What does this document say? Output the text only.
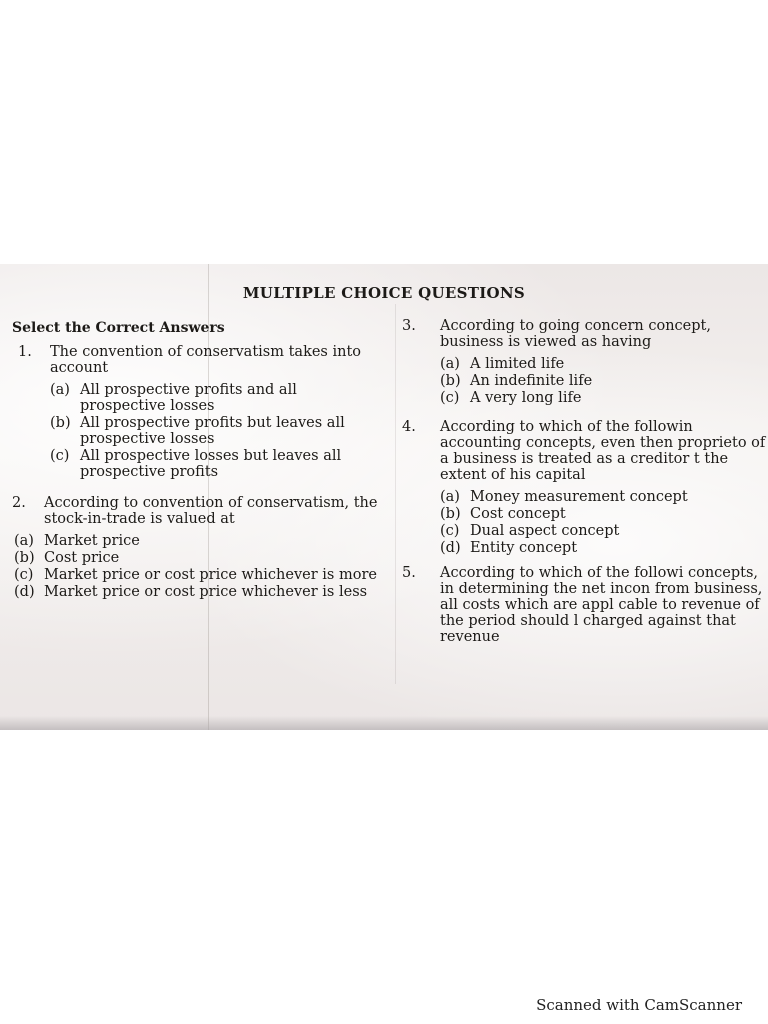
MULTIPLE CHOICE QUESTIONS
Select the Correct Answers
1.	The convention of conservatism takes into account
(a) All prospective profits and all prospective losses
(b) All prospective profits but leaves all prospective losses
(c) All prospective losses but leaves all prospective profits
2.	According to convention of conservatism, the stock-in-trade is valued at
(a) Market price
(b) Cost price
(c) Market price or cost price whichever is more
(d) Market price or cost price whichever is less
3.	According to going concern concept, business is viewed as having
(a) A limited life
(b) An indefinite life
(c) A very long life
4.	According to which of the followin accounting concepts, even then proprieto of a business is treated as a creditor t the extent of his capital
(a) Money measurement concept
(b) Cost concept
(c) Dual aspect concept
(d) Entity concept
5.	According to which of the followi concepts, in determining the net incon from business, all costs which are appl cable to revenue of the period should l charged against that revenue
Scanned with CamScanner
